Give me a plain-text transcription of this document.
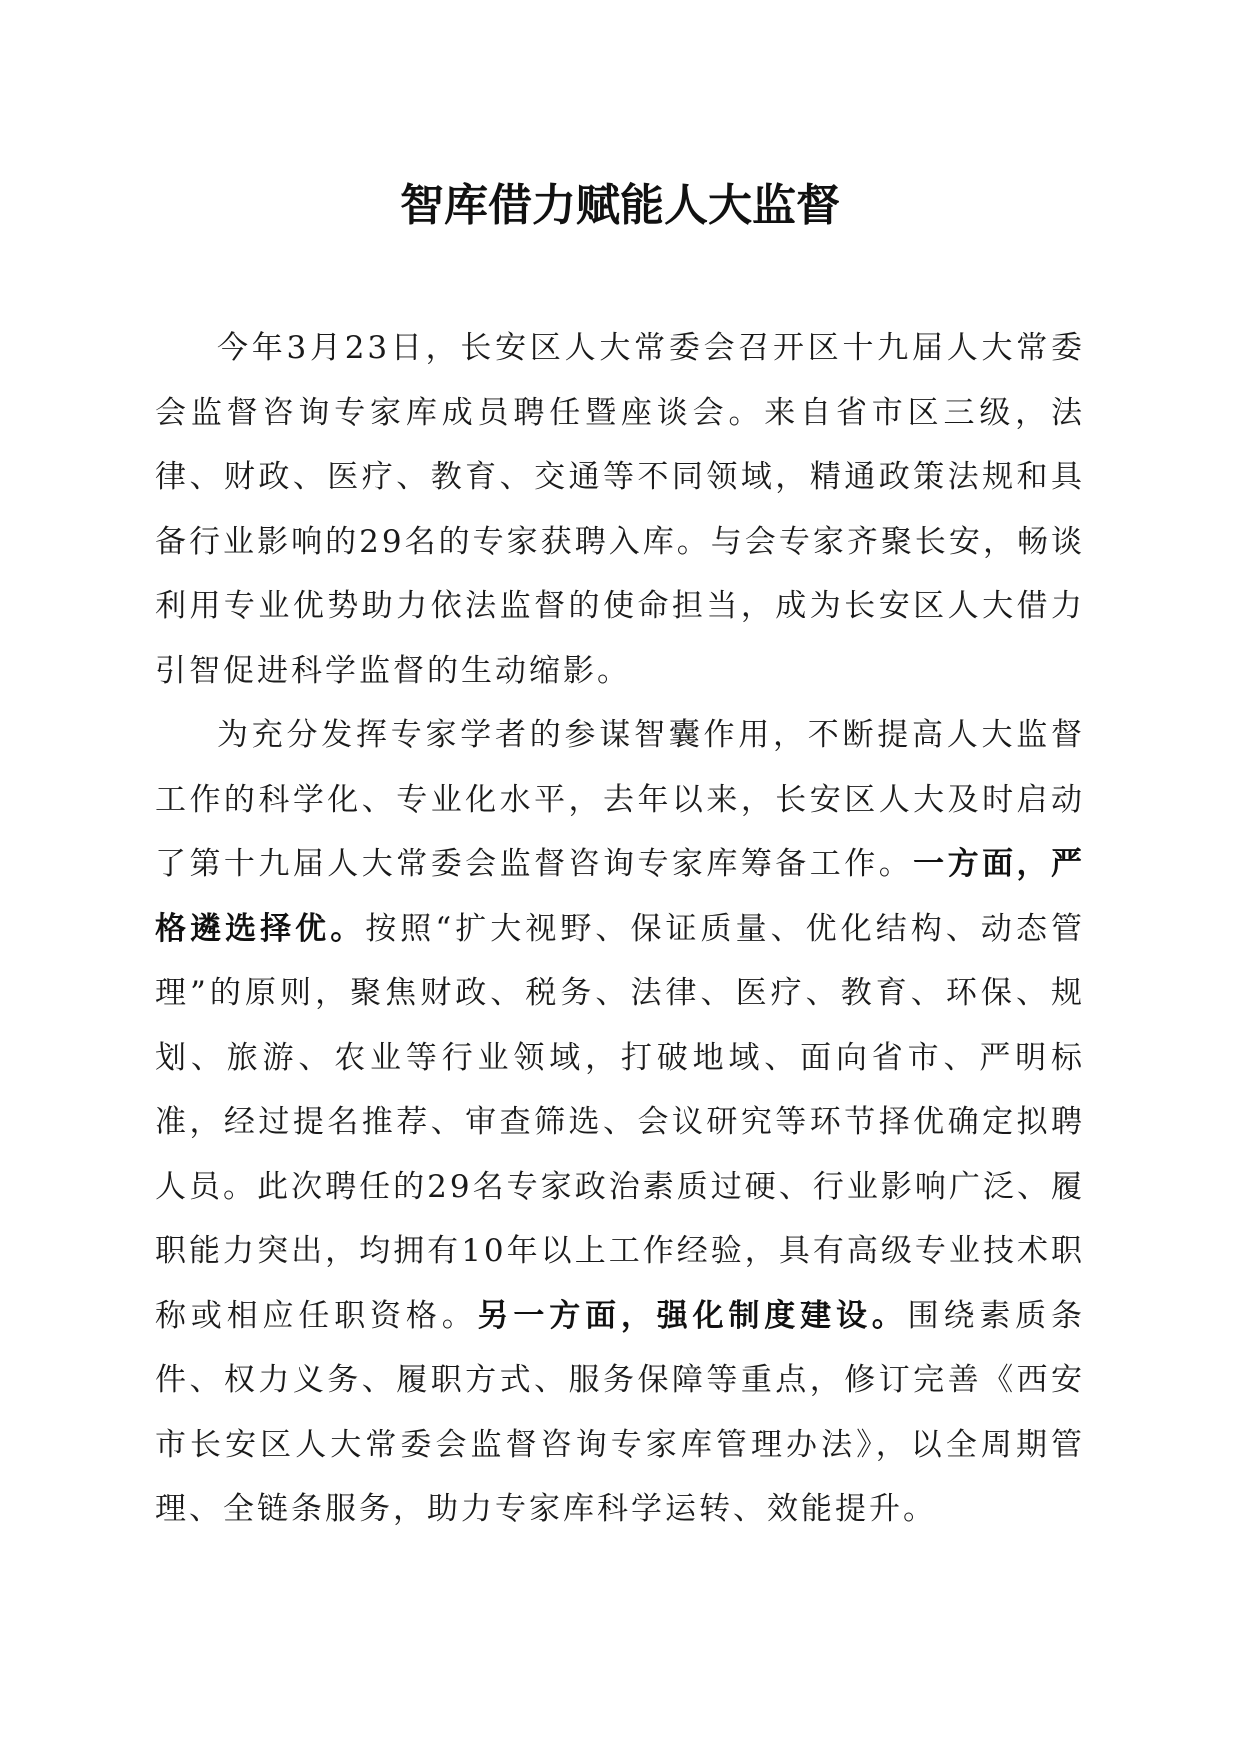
智库借力赋能人大监督

今年3月23日，长安区人大常委会召开区十九届人大常委会监督咨询专家库成员聘任暨座谈会。来自省市区三级，法律、财政、医疗、教育、交通等不同领域，精通政策法规和具备行业影响的29名的专家获聘入库。与会专家齐聚长安，畅谈利用专业优势助力依法监督的使命担当，成为长安区人大借力引智促进科学监督的生动缩影。

为充分发挥专家学者的参谋智囊作用，不断提高人大监督工作的科学化、专业化水平，去年以来，长安区人大及时启动了第十九届人大常委会监督咨询专家库筹备工作。一方面，严格遴选择优。按照“扩大视野、保证质量、优化结构、动态管理”的原则，聚焦财政、税务、法律、医疗、教育、环保、规划、旅游、农业等行业领域，打破地域、面向省市、严明标准，经过提名推荐、审查筛选、会议研究等环节择优确定拟聘人员。此次聘任的29名专家政治素质过硬、行业影响广泛、履职能力突出，均拥有10年以上工作经验，具有高级专业技术职称或相应任职资格。另一方面，强化制度建设。围绕素质条件、权力义务、履职方式、服务保障等重点，修订完善《西安市长安区人大常委会监督咨询专家库管理办法》，以全周期管理、全链条服务，助力专家库科学运转、效能提升。
